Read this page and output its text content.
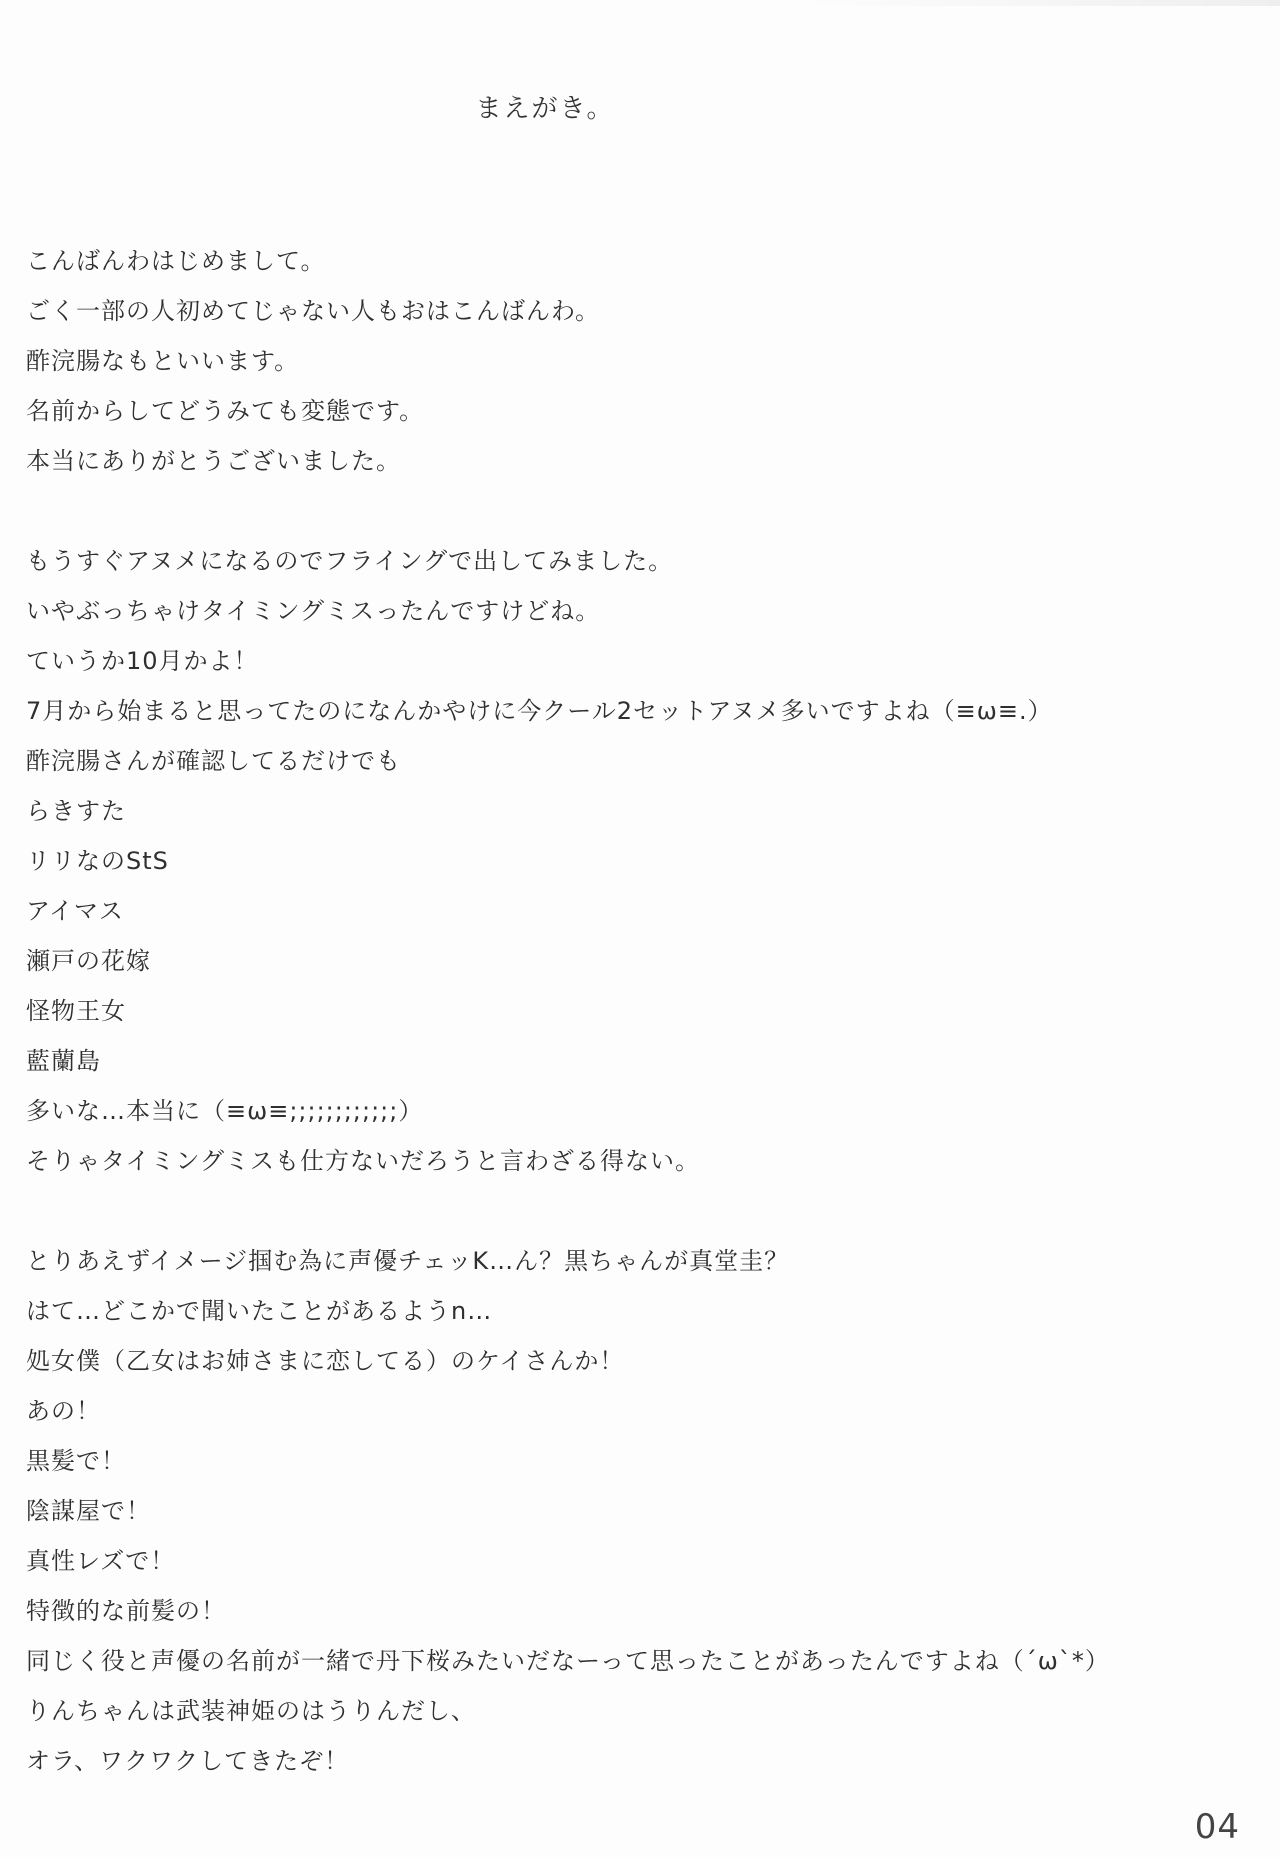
まえがき。
こんばんわはじめまして。
ごく一部の人初めてじゃない人もおはこんばんわ。
酢浣腸なもといいます。
名前からしてどうみても変態です。
本当にありがとうございました。
もうすぐアヌメになるのでフライングで出してみました。
いやぶっちゃけタイミングミスったんですけどね。
ていうか10月かよ！
7月から始まると思ってたのになんかやけに今クール2セットアヌメ多いですよね（≡ω≡.）
酢浣腸さんが確認してるだけでも
らきすた
リリなのStS
アイマス
瀬戸の花嫁
怪物王女
藍蘭島
多いな…本当に（≡ω≡;;;;;;;;;;;;）
そりゃタイミングミスも仕方ないだろうと言わざる得ない。
とりあえずイメージ掴む為に声優チェッK…ん？黒ちゃんが真堂圭？
はて…どこかで聞いたことがあるようn…
処女僕（乙女はお姉さまに恋してる）のケイさんか！
あの！
黒髪で！
陰謀屋で！
真性レズで！
特徴的な前髪の！
同じく役と声優の名前が一緒で丹下桜みたいだなーって思ったことがあったんですよね（´ω`*）
りんちゃんは武装神姫のはうりんだし、
オラ、ワクワクしてきたぞ！
04
